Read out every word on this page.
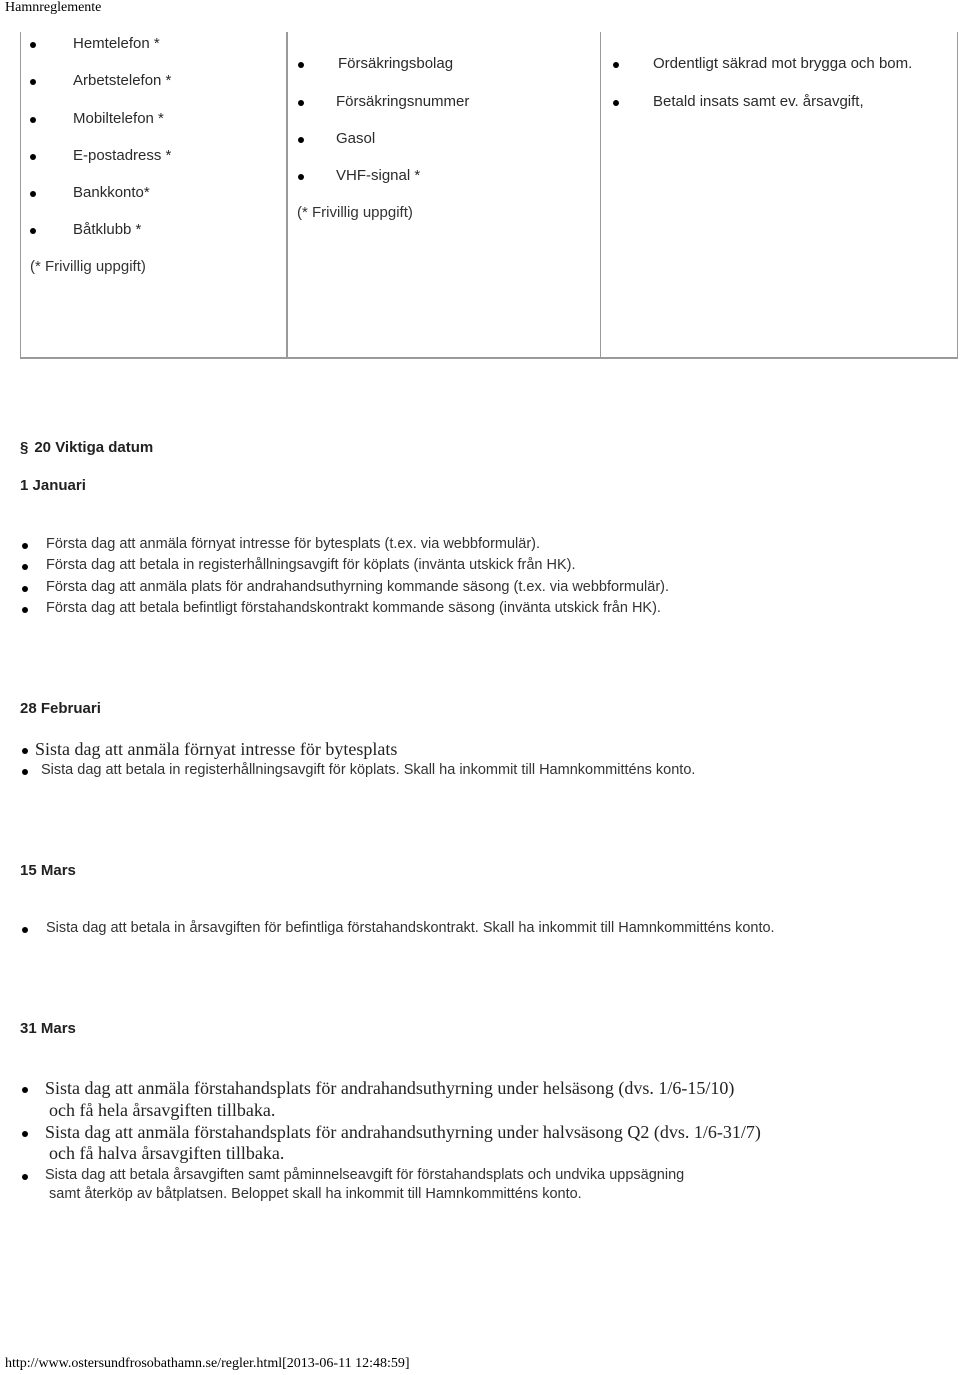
Hamnreglemente
Hemtelefon *
Arbetstelefon *
Mobiltelefon *
E-postadress *
Bankkonto*
Båtklubb *
(* Frivillig uppgift)
Försäkringsbolag
Försäkringsnummer
Gasol
VHF-signal *
(* Frivillig uppgift)
Ordentligt säkrad mot brygga och bom.
Betald insats samt ev. årsavgift,
§ 20 Viktiga datum
1 Januari
Första dag att anmäla förnyat intresse för bytesplats (t.ex. via webbformulär).
Första dag att betala in registerhållningsavgift för köplats (invänta utskick från HK).
Första dag att anmäla plats för andrahandsuthyrning kommande säsong (t.ex. via webbformulär).
Första dag att betala befintligt förstahandskontrakt kommande säsong (invänta utskick från HK).
28 Februari
Sista dag att anmäla förnyat intresse för bytesplats
Sista dag att betala in registerhållningsavgift för köplats. Skall ha inkommit till Hamnkommitténs konto.
15 Mars
Sista dag att betala in årsavgiften för befintliga förstahandskontrakt. Skall ha inkommit till Hamnkommitténs konto.
31 Mars
Sista dag att anmäla förstahandsplats för andrahandsuthyrning under helsäsong (dvs. 1/6-15/10)
och få hela årsavgiften tillbaka.
Sista dag att anmäla förstahandsplats för andrahandsuthyrning under halvsäsong Q2 (dvs. 1/6-31/7)
och få halva årsavgiften tillbaka.
Sista dag att betala årsavgiften samt påminnelseavgift för förstahandsplats och undvika uppsägning
samt återköp av båtplatsen. Beloppet skall ha inkommit till Hamnkommitténs konto.
http://www.ostersundfrosobathamn.se/regler.html[2013-06-11 12:48:59]
